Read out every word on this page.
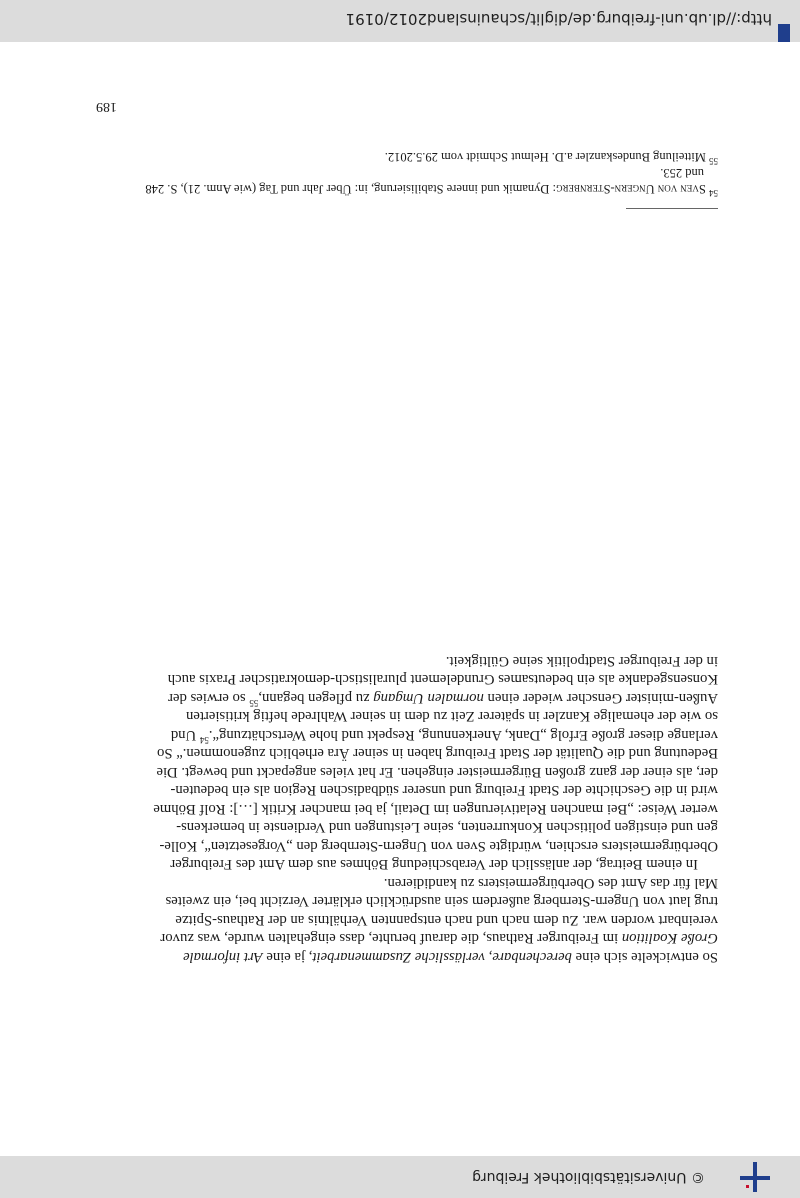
© Universitätsbibliothek Freiburg
So entwickelte sich eine berechenbare, verlässliche Zusammenarbeit, ja eine Art informale
Große Koalition im Freiburger Rathaus, die darauf beruhte, dass eingehalten wurde, was zuvor
vereinbart worden war. Zu dem nach und nach entspannten Verhältnis an der Rathaus-Spitze
trug laut von Ungern-Sternberg außerdem sein ausdrücklich erklärter Verzicht bei, ein zweites
Mal für das Amt des Oberbürgermeisters zu kandidieren.
In einem Beitrag, der anlässlich der Verabschiedung Böhmes aus dem Amt des Freiburger
Oberbürgermeisters erschien, würdigte Sven von Ungern-Sternberg den „Vorgesetzten“, Kolle-
gen und einstigen politischen Konkurrenten, seine Leistungen und Verdienste in bemerkens-
werter Weise: „Bei manchen Relativierungen im Detail, ja bei mancher Kritik […]: Rolf Böhme
wird in die Geschichte der Stadt Freiburg und unserer südbadischen Region als ein bedeuten-
der, als einer der ganz großen Bürgermeister eingehen. Er hat vieles angepackt und bewegt. Die
Bedeutung und die Qualität der Stadt Freiburg haben in seiner Ära erheblich zugenommen.“ So
verlange dieser große Erfolg „Dank, Anerkennung, Respekt und hohe Wertschätzung“.$^{54}$ Und
so wie der ehemalige Kanzler in späterer Zeit zu dem in seiner Wahlrede heftig kritisierten
Außen-minister Genscher wieder einen normalen Umgang zu pflegen begann,$^{55}$ so erwies der
Konsensgedanke als ein bedeutsames Grundelement pluralistisch-demokratischer Praxis auch
in der Freiburger Stadtpolitik seine Gültigkeit.
$^{54}$ Sven von Ungern-Sternberg: Dynamik und innere Stabilisierung, in: Über Jahr und Tag (wie Anm. 21), S. 248
und 253.
$^{55}$ Mitteilung Bundeskanzler a.D. Helmut Schmidt vom 29.5.2012.
189
http://dl.ub.uni-freiburg.de/diglit/schauinsland2012/0191
